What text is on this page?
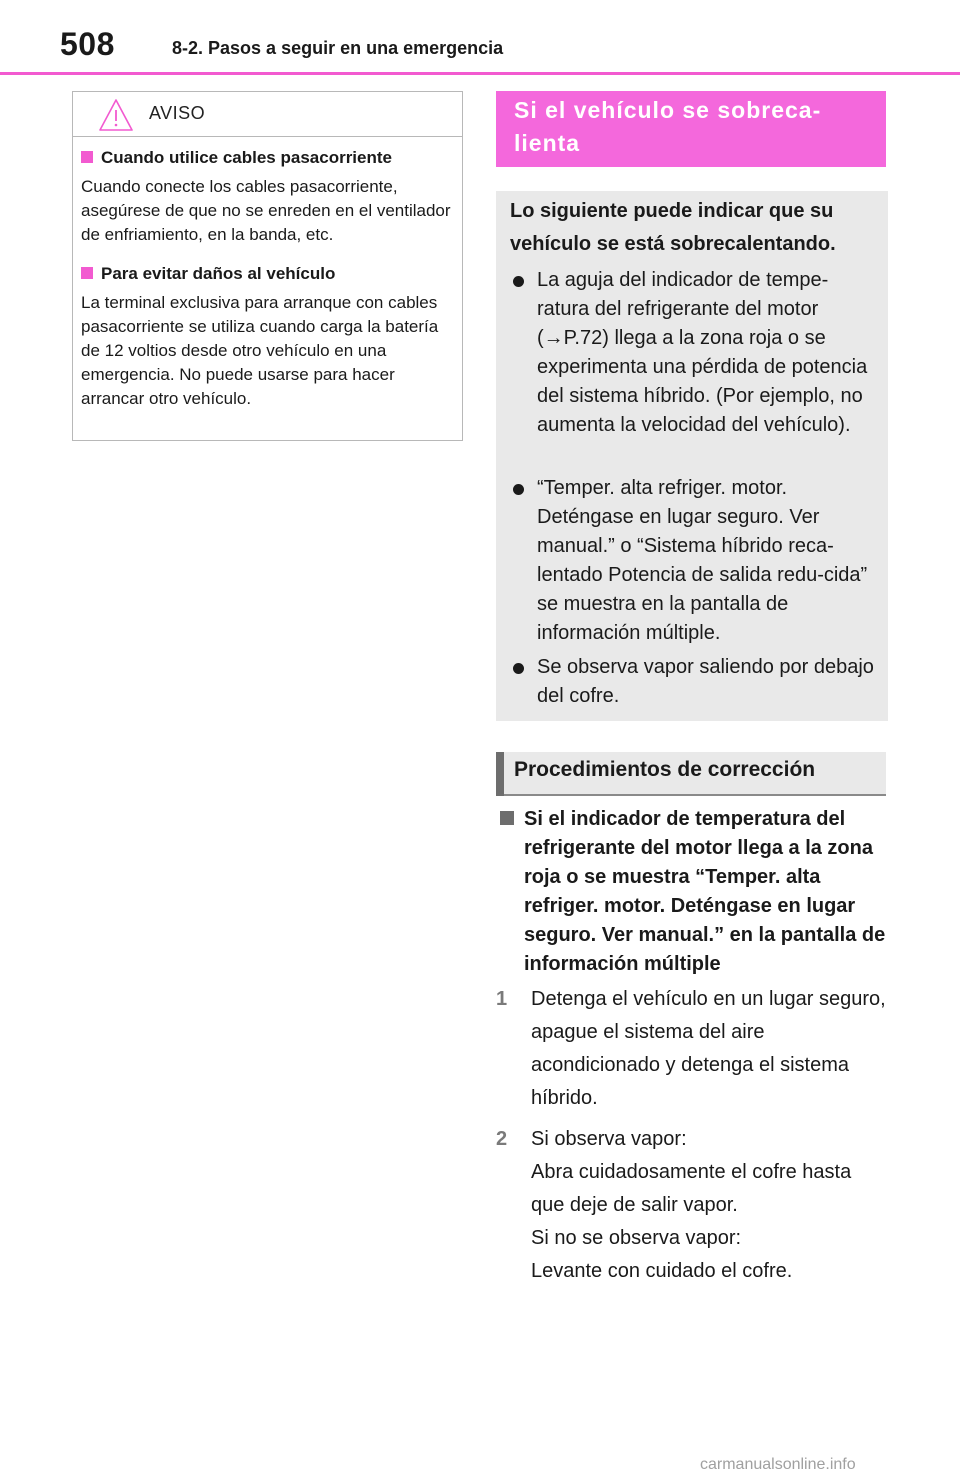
508	8-2. Pasos a seguir en una emergencia
AVISO
Cuando utilice cables pasacorriente
Cuando conecte los cables pasacorriente, asegúrese de que no se enreden en el ventilador de enfriamiento, en la banda, etc.
Para evitar daños al vehículo
La terminal exclusiva para arranque con cables pasacorriente se utiliza cuando carga la batería de 12 voltios desde otro vehículo en una emergencia. No puede usarse para hacer arrancar otro vehículo.
Si el vehículo se sobreca-
lienta
Lo siguiente puede indicar que su vehículo se está sobrecalentando.
La aguja del indicador de tempe-ratura del refrigerante del motor (→P.72) llega a la zona roja o se experimenta una pérdida de potencia del sistema híbrido. (Por ejemplo, no aumenta la velocidad del vehículo).
“Temper. alta refriger. motor. Deténgase en lugar seguro. Ver manual.” o “Sistema híbrido reca-lentado Potencia de salida redu-cida” se muestra en la pantalla de información múltiple.
Se observa vapor saliendo por debajo del cofre.
Procedimientos de corrección
Si el indicador de temperatura del refrigerante del motor llega a la zona roja o se muestra “Temper. alta refriger. motor. Deténgase en lugar seguro. Ver manual.” en la pantalla de información múltiple
1 Detenga el vehículo en un lugar seguro, apague el sistema del aire acondicionado y detenga el sistema híbrido.
2 Si observa vapor:
Abra cuidadosamente el cofre hasta que deje de salir vapor.
Si no se observa vapor:
Levante con cuidado el cofre.
carmanualsonline.info
